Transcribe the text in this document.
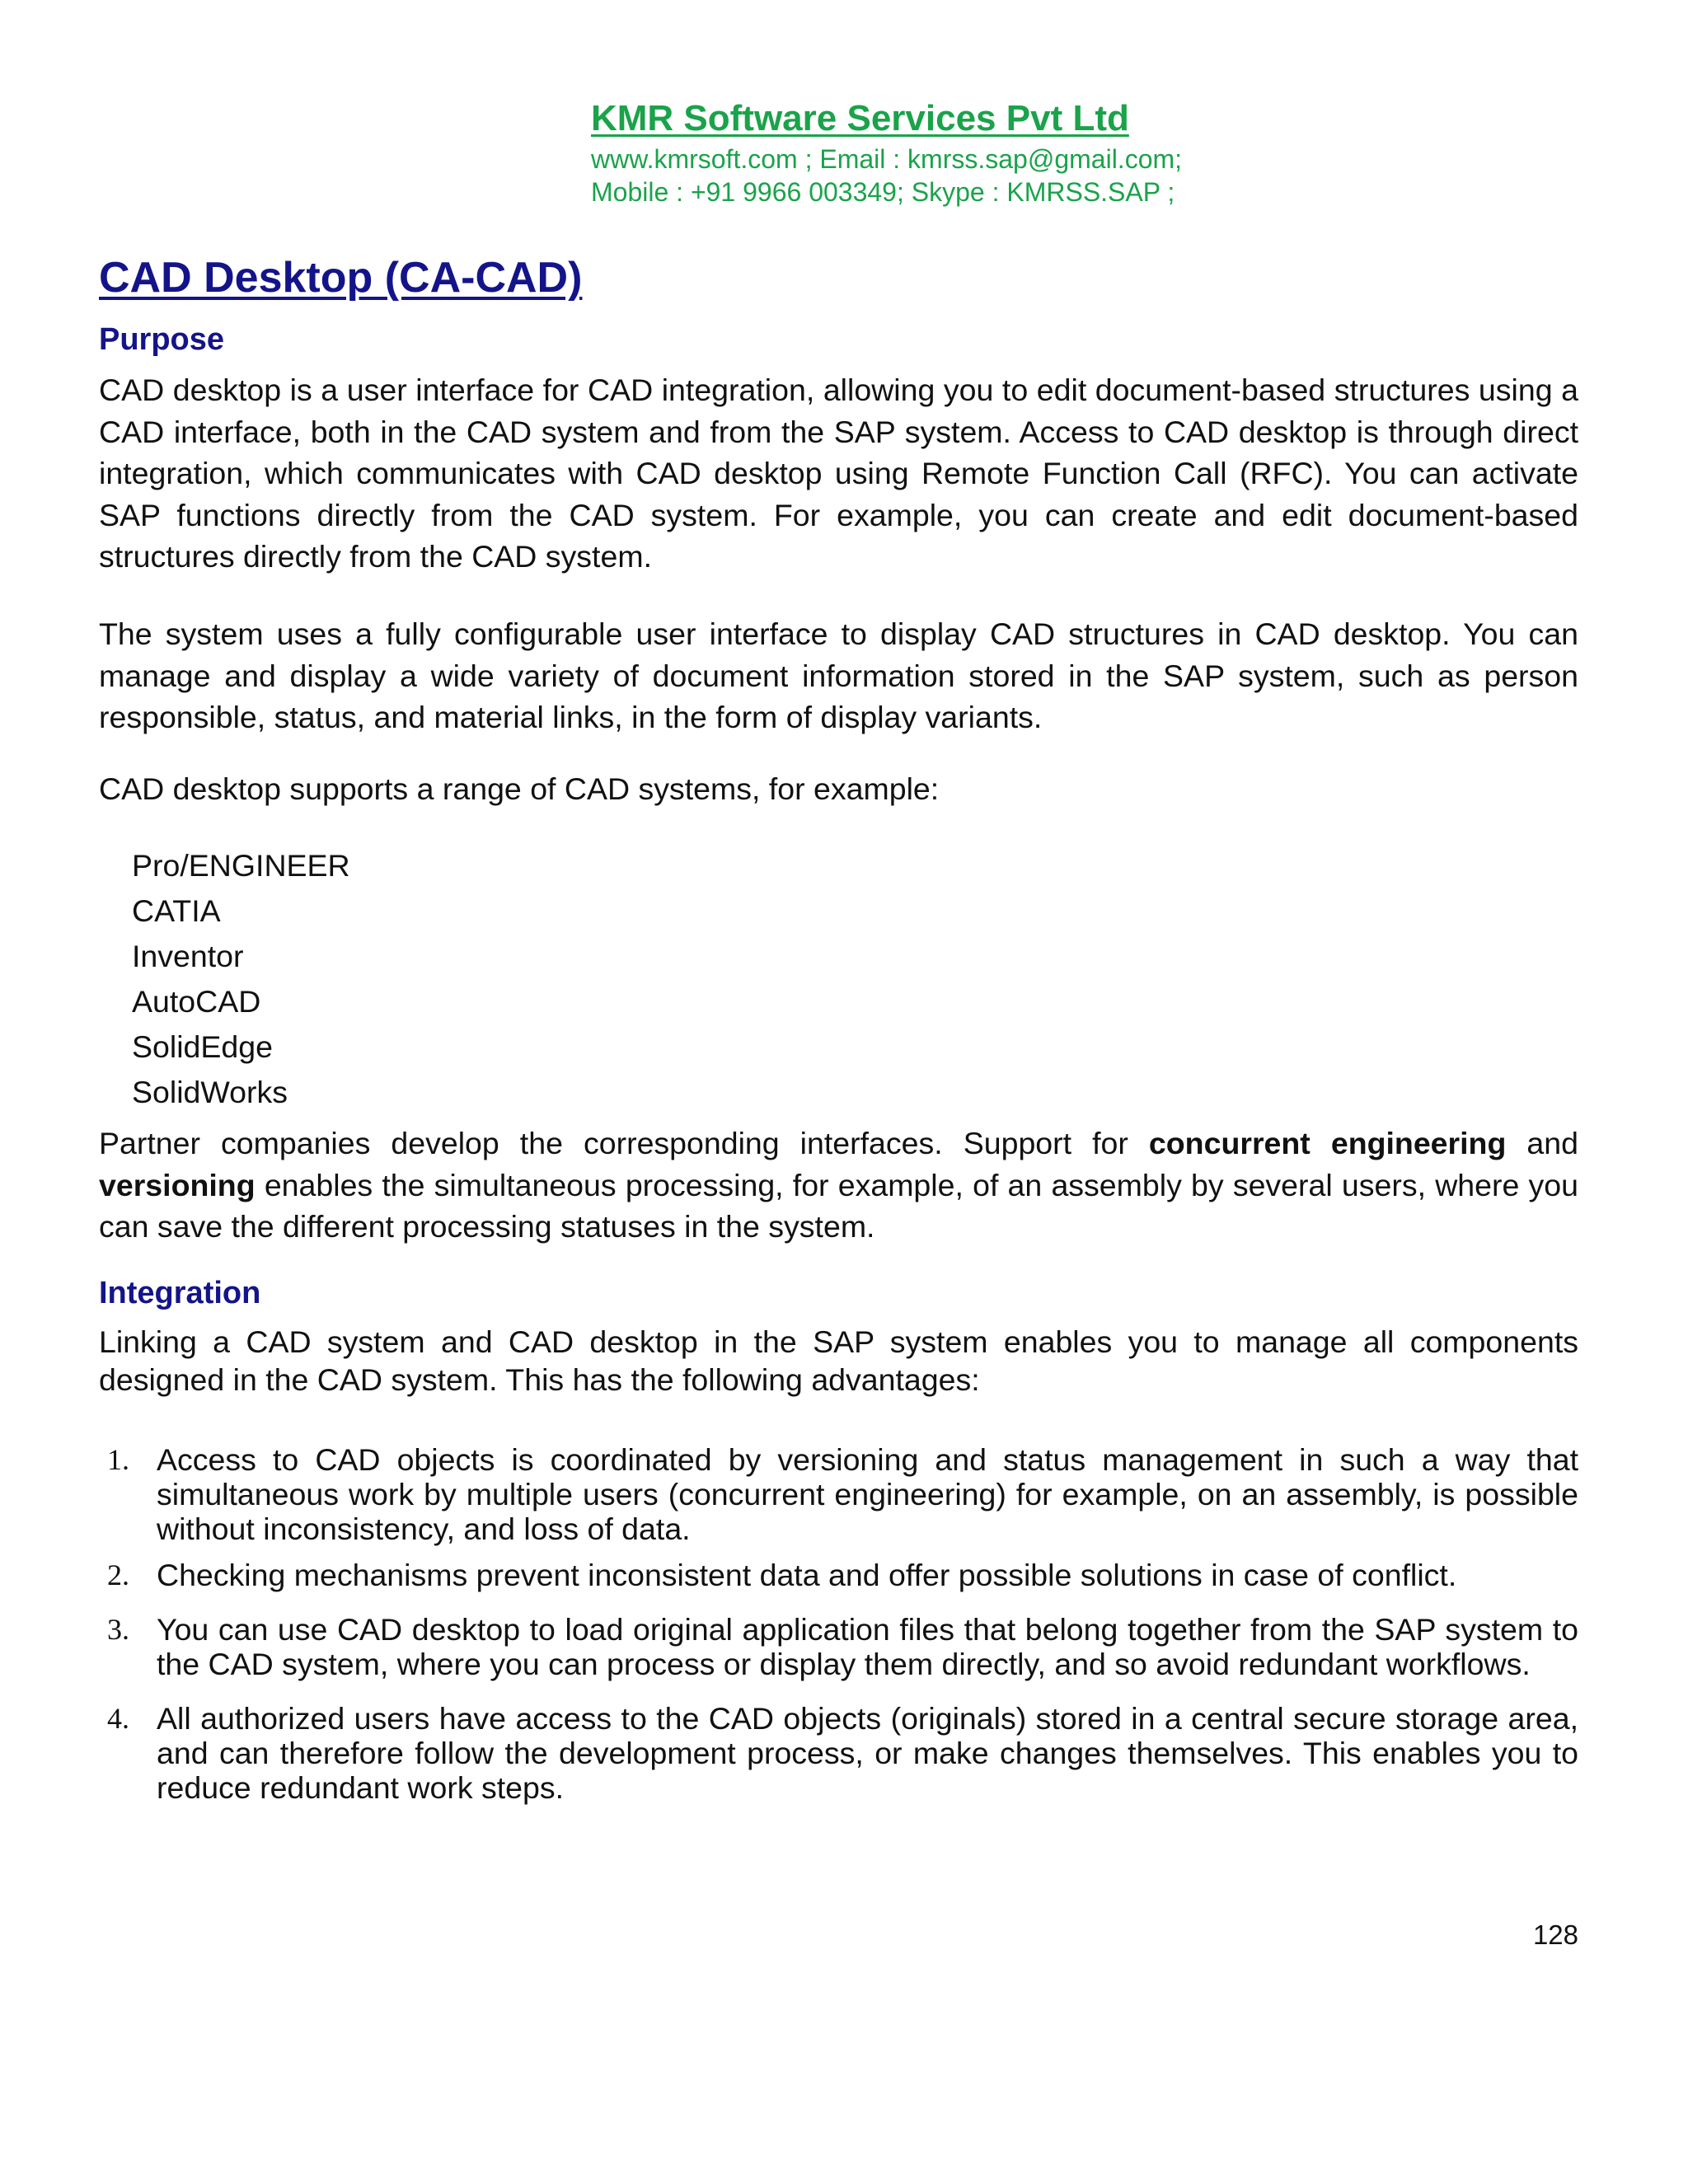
KMR Software Services Pvt Ltd
www.kmrsoft.com ; Email : kmrss.sap@gmail.com;
Mobile : +91 9966 003349; Skype : KMRSS.SAP ;
CAD Desktop (CA-CAD)
Purpose

CAD desktop is a user interface for CAD integration, allowing you to edit document-based structures using a CAD interface, both in the CAD system and from the SAP system. Access to CAD desktop is through direct integration, which communicates with CAD desktop using Remote Function Call (RFC). You can activate SAP functions directly from the CAD system. For example, you can create and edit document-based structures directly from the CAD system.

The system uses a fully configurable user interface to display CAD structures in CAD desktop. You can manage and display a wide variety of document information stored in the SAP system, such as person responsible, status, and material links, in the form of display variants.

CAD desktop supports a range of CAD systems, for example:

Pro/ENGINEER
CATIA
Inventor
AutoCAD
SolidEdge
SolidWorks

Partner companies develop the corresponding interfaces. Support for concurrent engineering and versioning enables the simultaneous processing, for example, of an assembly by several users, where you can save the different processing statuses in the system.

Integration

Linking a CAD system and CAD desktop in the SAP system enables you to manage all components designed in the CAD system. This has the following advantages:

1. Access to CAD objects is coordinated by versioning and status management in such a way that simultaneous work by multiple users (concurrent engineering) for example, on an assembly, is possible without inconsistency, and loss of data.
2. Checking mechanisms prevent inconsistent data and offer possible solutions in case of conflict.
3. You can use CAD desktop to load original application files that belong together from the SAP system to the CAD system, where you can process or display them directly, and so avoid redundant workflows.
4. All authorized users have access to the CAD objects (originals) stored in a central secure storage area, and can therefore follow the development process, or make changes themselves. This enables you to reduce redundant work steps.
128
